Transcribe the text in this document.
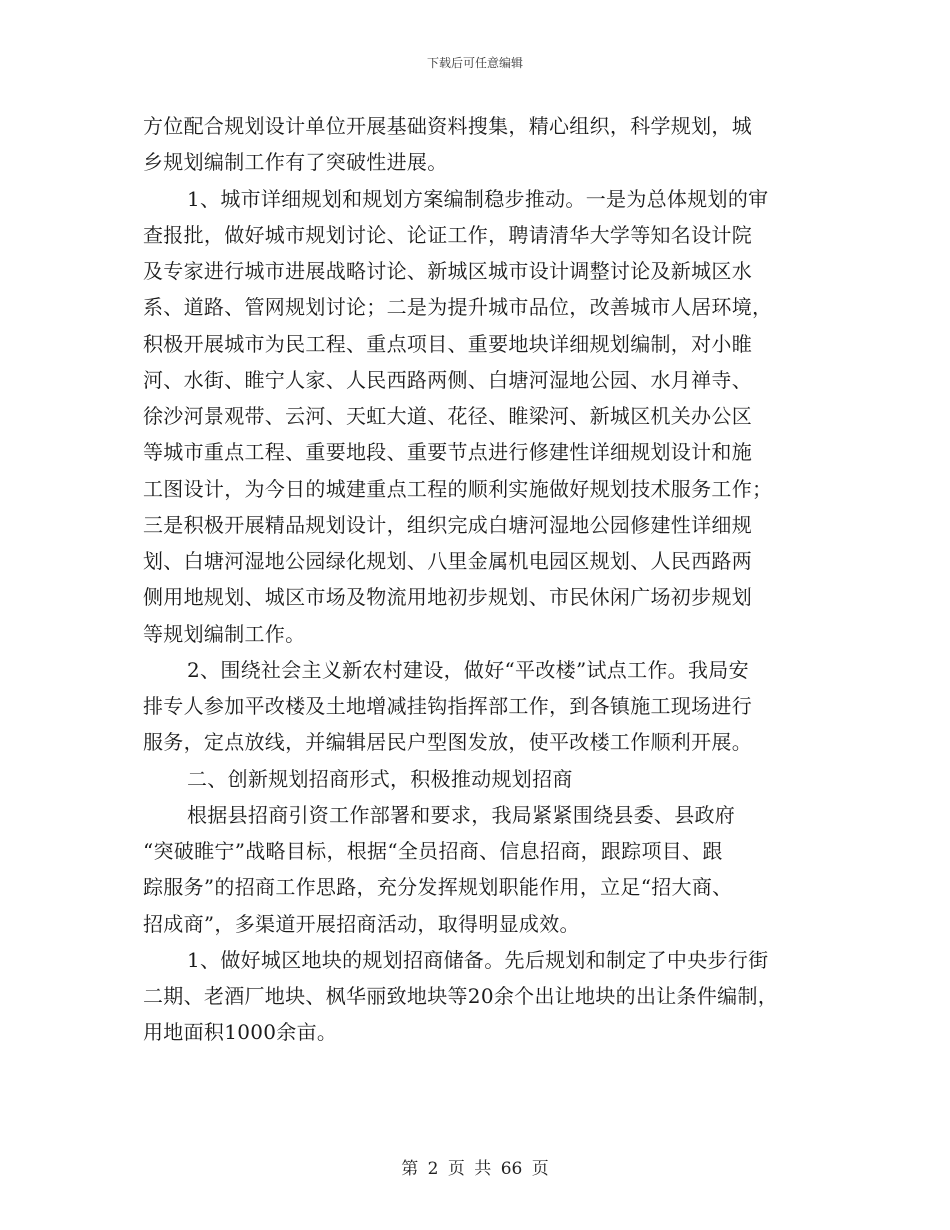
下载后可任意编辑
方位配合规划设计单位开展基础资料搜集，精心组织，科学规划，城
乡规划编制工作有了突破性进展。
1、城市详细规划和规划方案编制稳步推动。一是为总体规划的审
查报批，做好城市规划讨论、论证工作，聘请清华大学等知名设计院
及专家进行城市进展战略讨论、新城区城市设计调整讨论及新城区水
系、道路、管网规划讨论；二是为提升城市品位，改善城市人居环境，
积极开展城市为民工程、重点项目、重要地块详细规划编制，对小睢
河、水街、睢宁人家、人民西路两侧、白塘河湿地公园、水月禅寺、
徐沙河景观带、云河、天虹大道、花径、睢梁河、新城区机关办公区
等城市重点工程、重要地段、重要节点进行修建性详细规划设计和施
工图设计，为今日的城建重点工程的顺利实施做好规划技术服务工作；
三是积极开展精品规划设计，组织完成白塘河湿地公园修建性详细规
划、白塘河湿地公园绿化规划、八里金属机电园区规划、人民西路两
侧用地规划、城区市场及物流用地初步规划、市民休闲广场初步规划
等规划编制工作。
2、围绕社会主义新农村建设，做好“平改楼”试点工作。我局安
排专人参加平改楼及土地增减挂钩指挥部工作，到各镇施工现场进行
服务，定点放线，并编辑居民户型图发放，使平改楼工作顺利开展。
二、创新规划招商形式，积极推动规划招商
根据县招商引资工作部署和要求，我局紧紧围绕县委、县政府
“突破睢宁”战略目标，根据“全员招商、信息招商，跟踪项目、跟
踪服务”的招商工作思路，充分发挥规划职能作用，立足“招大商、
招成商”，多渠道开展招商活动，取得明显成效。
1、做好城区地块的规划招商储备。先后规划和制定了中央步行街
二期、老酒厂地块、枫华丽致地块等20余个出让地块的出让条件编制，
用地面积1000余亩。
第 2 页 共 66 页
